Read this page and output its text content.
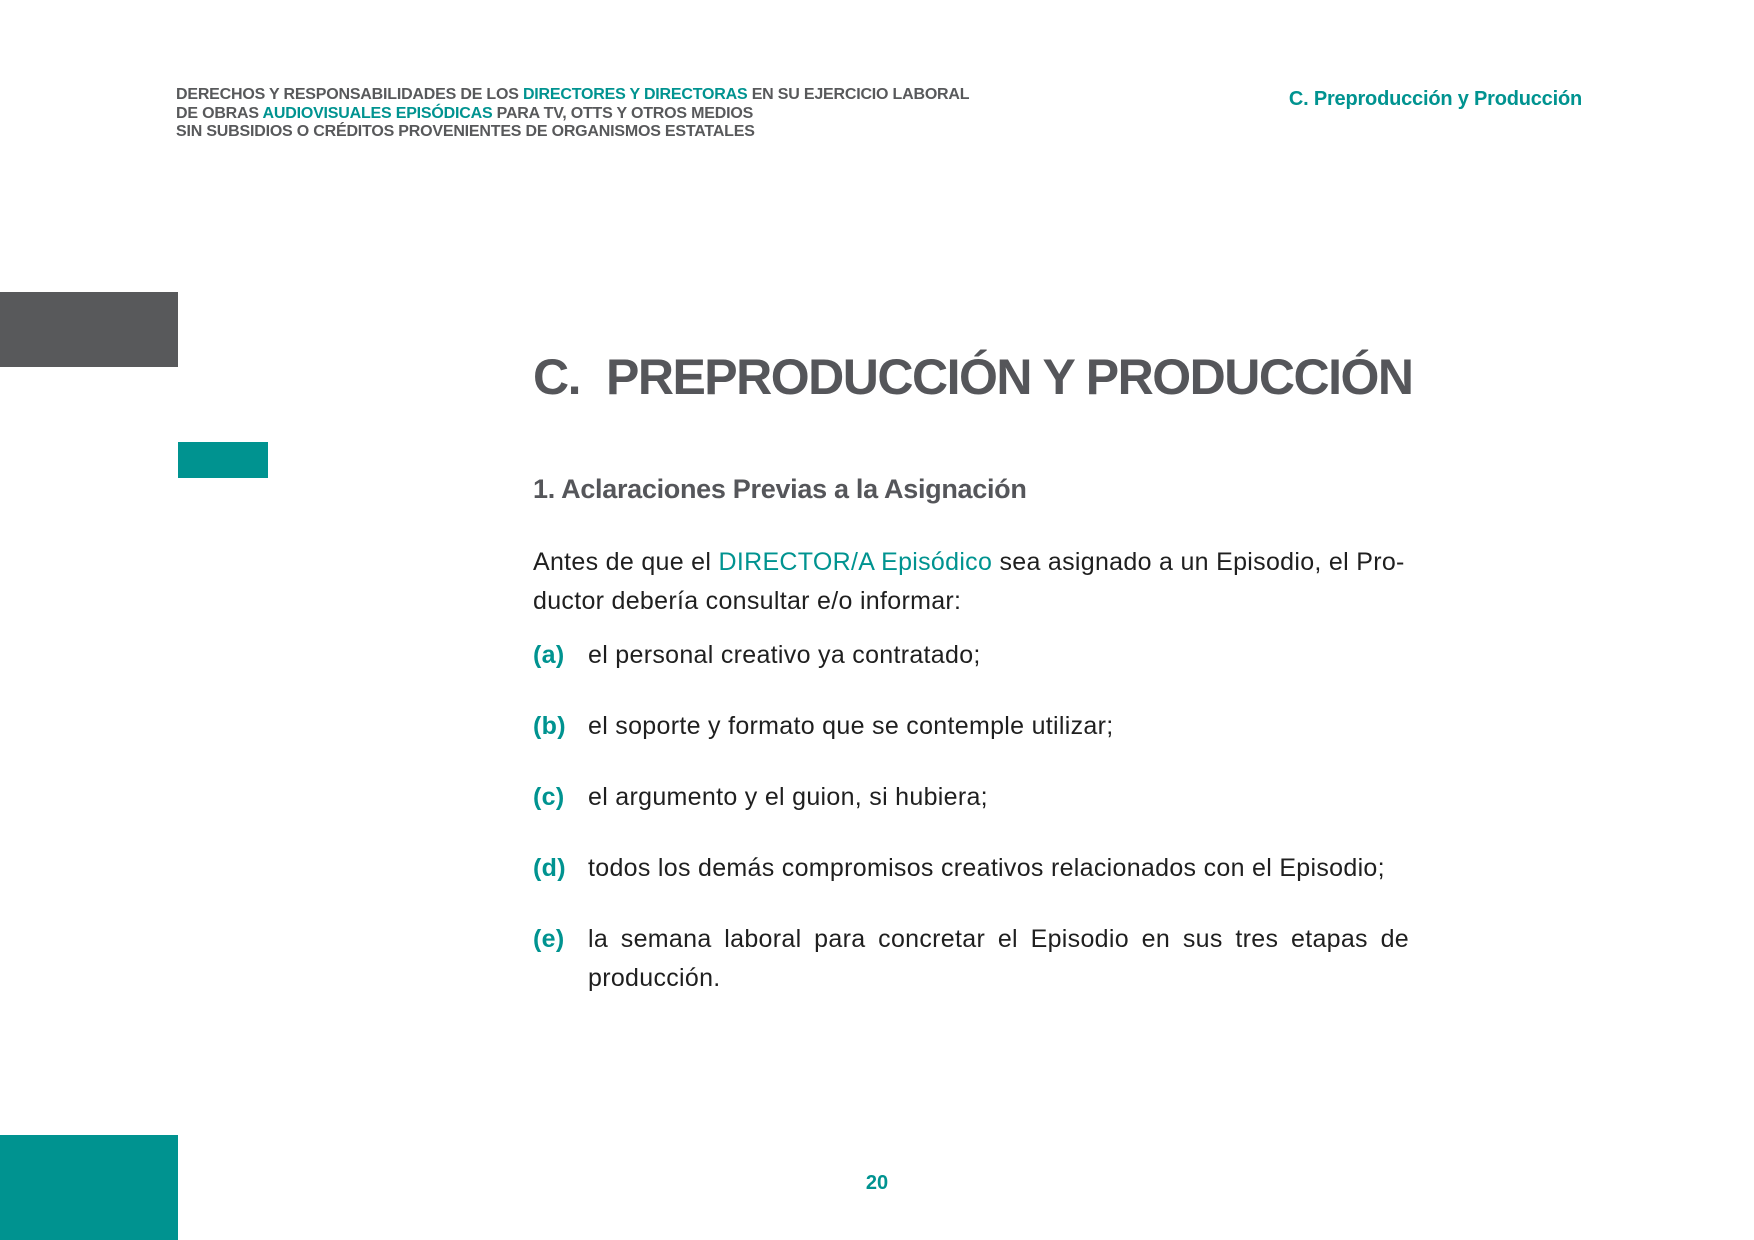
DERECHOS Y RESPONSABILIDADES DE LOS DIRECTORES Y DIRECTORAS EN SU EJERCICIO LABORAL
DE OBRAS AUDIOVISUALES EPISÓDICAS PARA TV, OTTS Y OTROS MEDIOS
SIN SUBSIDIOS O CRÉDITOS PROVENIENTES DE ORGANISMOS ESTATALES
C. Preproducción y Producción
C. PREPRODUCCIÓN Y PRODUCCIÓN
1. Aclaraciones Previas a la Asignación

Antes de que el DIRECTOR/A Episódico sea asignado a un Episodio, el Pro-
ductor debería consultar e/o informar:

(a) el personal creativo ya contratado;
(b) el soporte y formato que se contemple utilizar;
(c) el argumento y el guion, si hubiera;
(d) todos los demás compromisos creativos relacionados con el Episodio;
(e) la semana laboral para concretar el Episodio en sus tres etapas de
producción.
20
